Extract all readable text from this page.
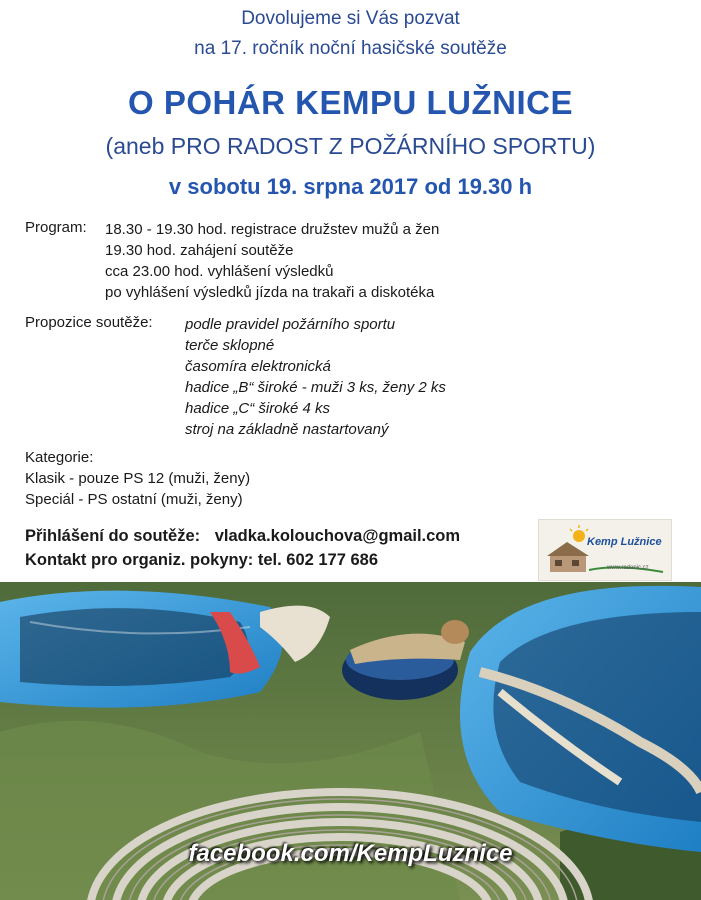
Dovolujeme si Vás pozvat
na 17. ročník noční hasičské soutěže
O POHÁR KEMPU LUŽNICE
(aneb PRO RADOST Z POŽÁRNÍHO SPORTU)
v sobotu 19. srpna 2017 od 19.30 h
Program: 18.30 - 19.30 hod. registrace družstev mužů a žen
19.30 hod. zahájení soutěže
cca 23.00 hod. vyhlášení výsledků
po vyhlášení výsledků jízda na trakaři a diskotéka
Propozice soutěže: podle pravidel požárního sportu
terče sklopné
časomíra elektronická
hadice „B“ široké - muži 3 ks, ženy 2 ks
hadice „C“ široké 4 ks
stroj na základně nastartovaný
Kategorie:
Klasik - pouze PS 12 (muži, ženy)
Speciál - PS ostatní (muži, ženy)
Přihlášení do soutěže: vladka.kolouchova@gmail.com
Kontakt pro organiz. pokyny: tel. 602 177 686
Kemp Lužnice
www.radonic.cz
facebook.com/KempLuznice
